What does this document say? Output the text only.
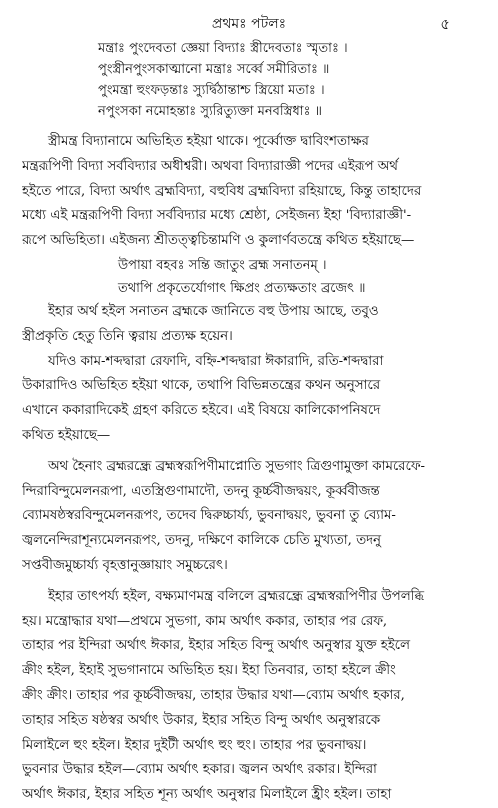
প্রথমঃ পটলঃ	৫
মন্ত্রাঃ পুংদেবতা জ্ঞেয়া বিদ্যাঃ স্ত্রীদেবতাঃ স্মৃতাঃ ।
পুংস্ত্রীনপুংসকাত্মানো মন্ত্রাঃ সর্ব্বে সমীরিতাঃ ॥
পুংমন্ত্রা হুংফড়ন্তাঃ স্যুর্দ্বিঠান্তাশ্চ স্ত্রিয়ো মতাঃ ।
নপুংসকা নমোহন্তাঃ স্যুরিত্যুক্তা মনবস্ত্রিধাঃ ॥
স্ত্রীমন্ত্র বিদ্যানামে অভিহিত হইয়া থাকে। পূর্ব্বোক্ত দ্বাবিংশতাক্ষর
মন্ত্ররূপিণী বিদ্যা সর্ববিদ্যার অধীশ্বরী। অথবা বিদ্যারাজ্ঞী পদের এইরূপ অর্থ
হইতে পারে, বিদ্যা অর্থাৎ ব্রহ্মবিদ্যা, বহুবিধ ব্রহ্মবিদ্যা রহিয়াছে, কিন্তু তাহাদের
মধ্যে এই মন্ত্ররূপিণী বিদ্যা সর্ববিদ্যার মধ্যে শ্রেষ্ঠা, সেইজন্য ইহা 'বিদ্যারাজ্ঞী'-
রূপে অভিহিতা। এইজন্য শ্রীতত্ত্বচিন্তামণি ও কুলার্ণবতন্ত্রে কথিত হইয়াছে—
উপায়া বহবঃ সন্তি জাতুং ব্রহ্ম সনাতনম্ ।
তথাপি প্রকৃতের্যোগাৎ ক্ষিপ্রং প্রত্যক্ষতাং ব্রজেৎ ॥
ইহার অর্থ হইল সনাতন ব্রহ্মকে জানিতে বহু উপায় আছে, তবুও
স্ত্রীপ্রকৃতি হেতু তিনি ত্বরায় প্রত্যক্ষ হয়েন।
যদিও কাম-শব্দদ্বারা রেফাদি, বহ্নি-শব্দদ্বারা ঈকারাদি, রতি-শব্দদ্বারা
উকারাদিও অভিহিত হইয়া থাকে, তথাপি বিভিন্নতন্ত্রের কথন অনুসারে
এখানে ককারাদিকেই গ্রহণ করিতে হইবে। এই বিষয়ে কালিকোপনিষদে
কথিত হইয়াছে—
অথ হৈনাং ব্রহ্মরন্ধ্রে ব্রহ্মস্বরূপিণীমাপ্নোতি সুভগাং ত্রিগুণামুক্তা কামরেফে-
ন্দিরাবিন্দুমেলনরূপা, এতস্ত্রিগুণামাদৌ, তদনু কূর্চ্চবীজদ্বয়ং, কূর্ব্ববীজন্ত
ব্যোমষষ্ঠস্বরবিন্দুমেলনরূপং, তদেব দ্বিরুচ্চার্য্য, ভুবনাদ্বয়ং, ভুবনা তু ব্যোম-
জ্বলনেন্দিরাশূন্যমেলনরূপং, তদনু, দক্ষিণে কালিকে চেতি মুখ্যতা, তদনু
সপ্তবীজমুচ্চার্য্য বৃহত্তানুজ্ঞায়াং সমুচ্চরেৎ।
ইহার তাৎপর্য্য হইল, বক্ষ্যমাণমন্ত্র বলিলে ব্রহ্মরন্ধ্রে ব্রহ্মস্বরূপিণীর উপলব্ধি
হয়। মন্ত্রোদ্ধার যথা—প্রথমে সুভগা, কাম অর্থাৎ ককার, তাহার পর রেফ,
তাহার পর ইন্দিরা অর্থাৎ ঈকার, ইহার সহিত বিন্দু অর্থাৎ অনুস্বার যুক্ত হইলে
ক্রীং হইল, ইহাই সুভগানামে অভিহিত হয়। ইহা তিনবার, তাহা হইলে ক্রীং
ক্রীং ক্রীং। তাহার পর কূর্চ্চবীজদ্বয়, তাহার উদ্ধার যথা—ব্যোম অর্থাৎ হকার,
তাহার সহিত ষষ্ঠস্বর অর্থাৎ উকার, ইহার সহিত বিন্দু অর্থাৎ অনুস্বারকে
মিলাইলে হুং হইল। ইহার দুইটী অর্থাৎ হুং হুং। তাহার পর ভুবনাদ্বয়।
ভুবনার উদ্ধার হইল—ব্যোম অর্থাৎ হকার। জ্বলন অর্থাৎ রকার। ইন্দিরা
অর্থাৎ ঈকার, ইহার সহিত শূন্য অর্থাৎ অনুস্বার মিলাইলে হ্রীং হইল। তাহা
